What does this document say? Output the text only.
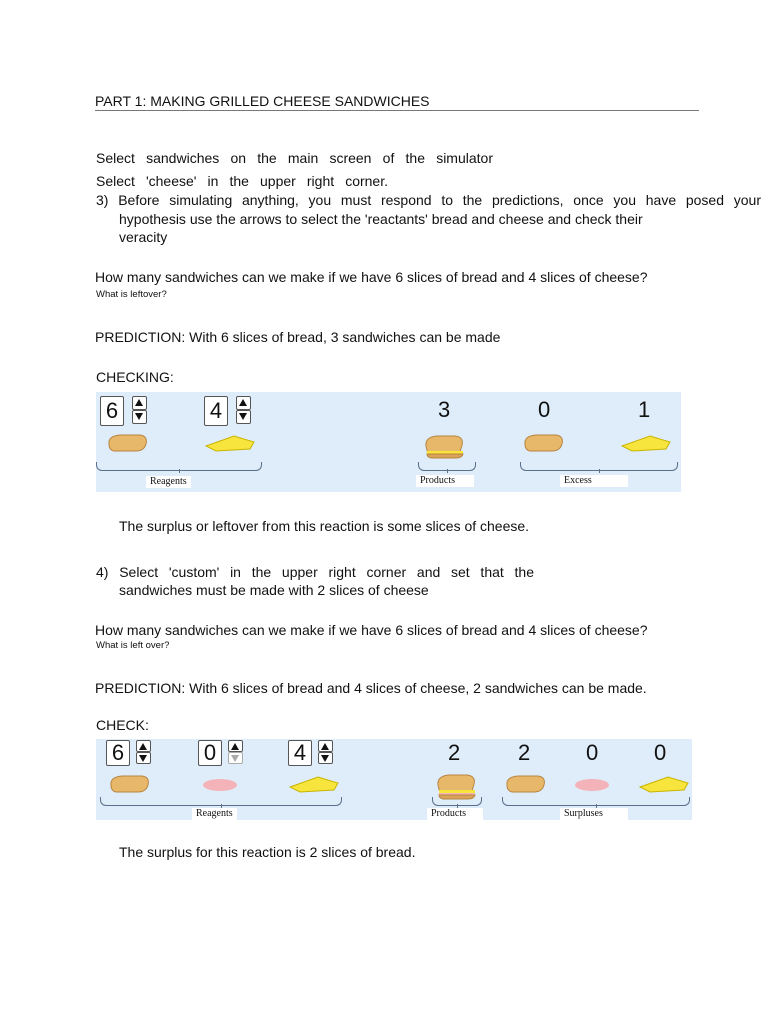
PART 1: MAKING GRILLED CHEESE SANDWICHES
Select sandwiches on the main screen of the simulator
Select 'cheese' in the upper right corner.
3) Before simulating anything, you must respond to the predictions, once you have posed your
hypothesis use the arrows to select the 'reactants' bread and cheese and check their
veracity
How many sandwiches can we make if we have 6 slices of bread and 4 slices of cheese?
What is leftover?
PREDICTION: With 6 slices of bread, 3 sandwiches can be made
CHECKING:
6	4	3	0	1
Reagents	Products	Excess
The surplus or leftover from this reaction is some slices of cheese.
4) Select 'custom' in the upper right corner and set that the
sandwiches must be made with 2 slices of cheese
How many sandwiches can we make if we have 6 slices of bread and 4 slices of cheese?
What is left over?
PREDICTION: With 6 slices of bread and 4 slices of cheese, 2 sandwiches can be made.
CHECK:
6	0	4	2	2	0	0
Reagents	Products	Surpluses
The surplus for this reaction is 2 slices of bread.
